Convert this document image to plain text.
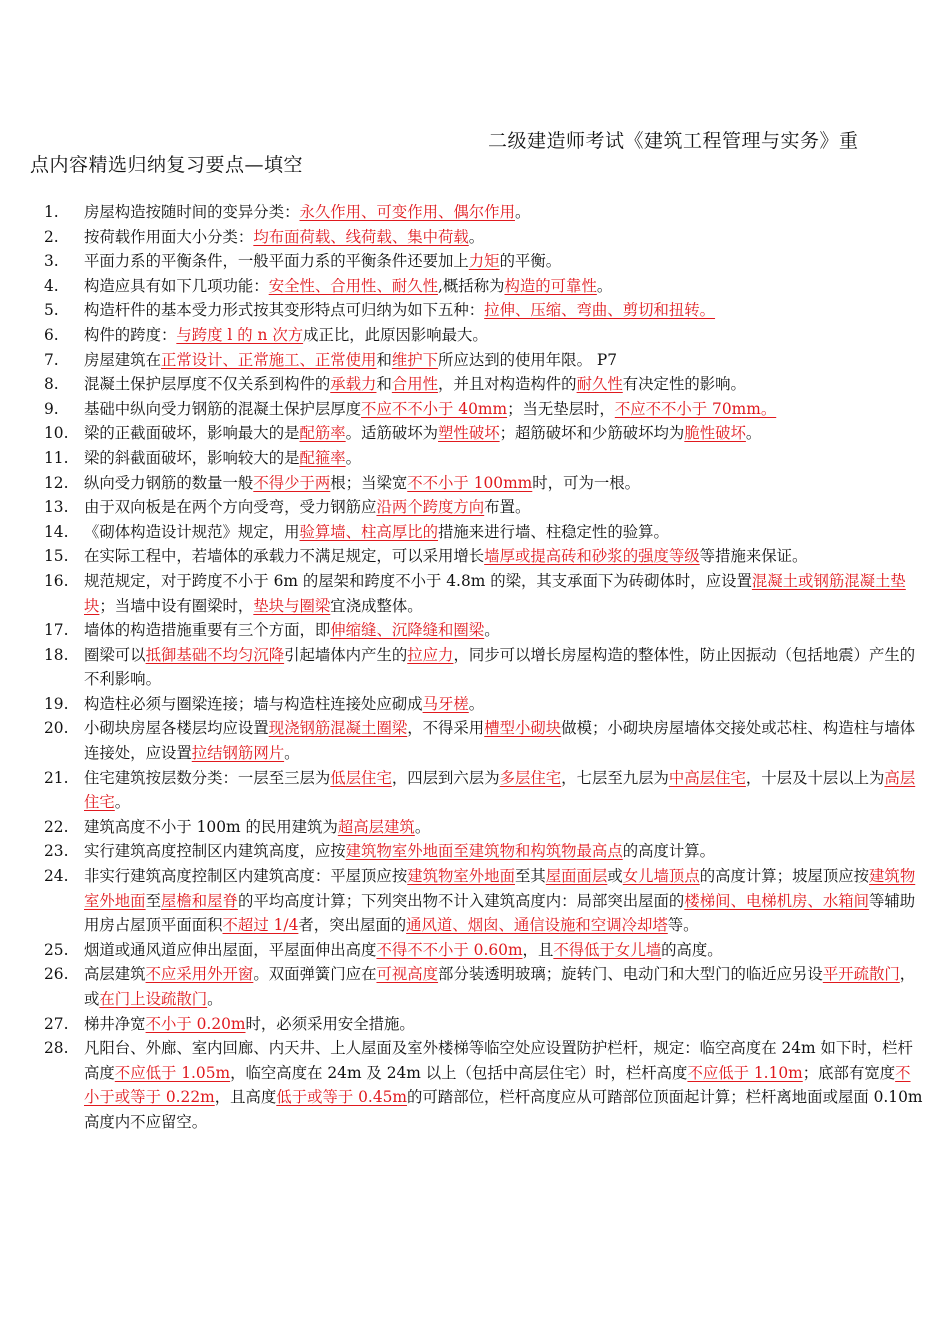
二级建造师考试《建筑工程管理与实务》重
点内容精选归纳复习要点—填空
1.	房屋构造按随时间的变异分类：永久作用、可变作用、偶尔作用。
2.	按荷载作用面大小分类：均布面荷载、线荷载、集中荷载。
3.	平面力系的平衡条件，一般平面力系的平衡条件还要加上力矩的平衡。
4.	构造应具有如下几项功能：安全性、合用性、耐久性,概括称为构造的可靠性。
5.	构造杆件的基本受力形式按其变形特点可归纳为如下五种：拉伸、压缩、弯曲、剪切和扭转。
6.	构件的跨度：与跨度 l 的 n 次方成正比，此原因影响最大。
7.	房屋建筑在正常设计、正常施工、正常使用和维护下所应达到的使用年限。 P7
8.	混凝土保护层厚度不仅关系到构件的承载力和合用性，并且对构造构件的耐久性有决定性的影响。
9.	基础中纵向受力钢筋的混凝土保护层厚度不应不不小于 40mm；当无垫层时，不应不不小于 70mm。
10.	梁的正截面破坏，影响最大的是配筋率。适筋破坏为塑性破坏；超筋破坏和少筋破坏均为脆性破坏。
11.	梁的斜截面破坏，影响较大的是配箍率。
12.	纵向受力钢筋的数量一般不得少于两根；当梁宽不不小于 100mm时，可为一根。
13.	由于双向板是在两个方向受弯，受力钢筋应沿两个跨度方向布置。
14.	《砌体构造设计规范》规定，用验算墙、柱高厚比的措施来进行墙、柱稳定性的验算。
15.	在实际工程中，若墙体的承载力不满足规定，可以采用增长墙厚或提高砖和砂浆的强度等级等措施来保证。
16.	规范规定，对于跨度不小于 6m 的屋架和跨度不小于 4.8m 的梁，其支承面下为砖砌体时，应设置混凝土或钢筋混凝土垫块；当墙中设有圈梁时，垫块与圈梁宜浇成整体。
17.	墙体的构造措施重要有三个方面，即伸缩缝、沉降缝和圈梁。
18.	圈梁可以抵御基础不均匀沉降引起墙体内产生的拉应力，同步可以增长房屋构造的整体性，防止因振动（包括地震）产生的不利影响。
19.	构造柱必须与圈梁连接；墙与构造柱连接处应砌成马牙槎。
20.	小砌块房屋各楼层均应设置现浇钢筋混凝土圈梁，不得采用槽型小砌块做模；小砌块房屋墙体交接处或芯柱、构造柱与墙体连接处，应设置拉结钢筋网片。
21.	住宅建筑按层数分类：一层至三层为低层住宅，四层到六层为多层住宅，七层至九层为中高层住宅，十层及十层以上为高层住宅。
22.	建筑高度不小于 100m 的民用建筑为超高层建筑。
23.	实行建筑高度控制区内建筑高度，应按建筑物室外地面至建筑物和构筑物最高点的高度计算。
24.	非实行建筑高度控制区内建筑高度：平屋顶应按建筑物室外地面至其屋面面层或女儿墙顶点的高度计算；坡屋顶应按建筑物室外地面至屋檐和屋脊的平均高度计算；下列突出物不计入建筑高度内：局部突出屋面的楼梯间、电梯机房、水箱间等辅助用房占屋顶平面面积不超过 1/4者，突出屋面的通风道、烟囱、通信设施和空调冷却塔等。
25.	烟道或通风道应伸出屋面，平屋面伸出高度不得不不小于 0.60m，且不得低于女儿墙的高度。
26.	高层建筑不应采用外开窗。双面弹簧门应在可视高度部分装透明玻璃；旋转门、电动门和大型门的临近应另设平开疏散门，或在门上设疏散门。
27.	梯井净宽不小于 0.20m时，必须采用安全措施。
28.	凡阳台、外廊、室内回廊、内天井、上人屋面及室外楼梯等临空处应设置防护栏杆，规定：临空高度在 24m 如下时，栏杆高度不应低于 1.05m，临空高度在 24m 及 24m 以上（包括中高层住宅）时，栏杆高度不应低于 1.10m；底部有宽度不小于或等于 0.22m，且高度低于或等于 0.45m的可踏部位，栏杆高度应从可踏部位顶面起计算；栏杆离地面或屋面 0.10m 高度内不应留空。
